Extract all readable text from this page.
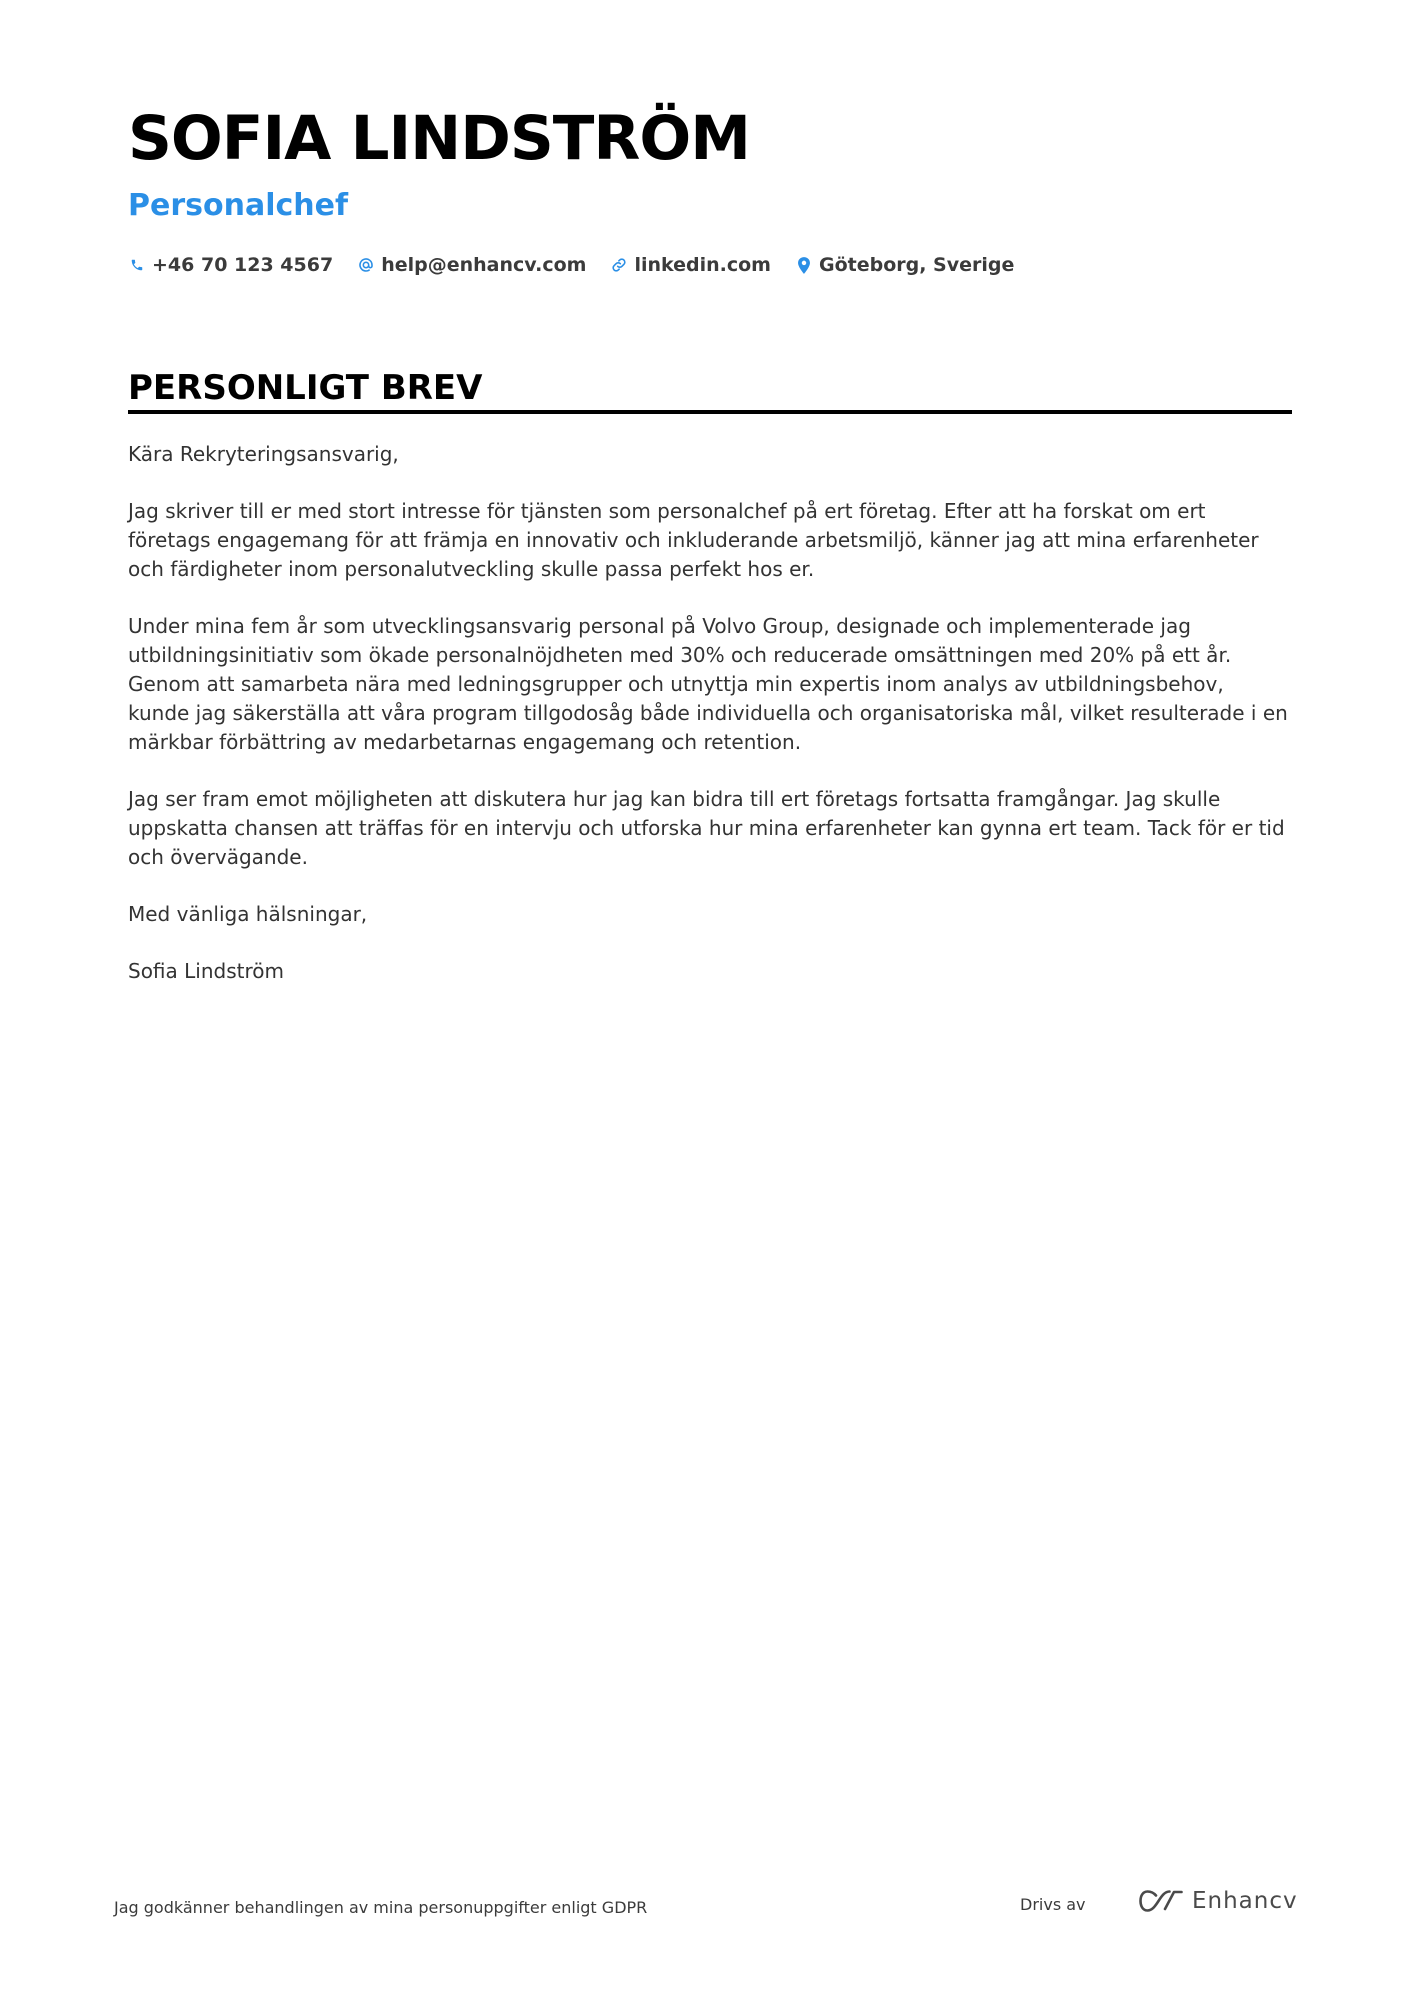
SOFIA LINDSTRÖM
Personalchef
+46 70 123 4567	help@enhancv.com	linkedin.com	Göteborg, Sverige
PERSONLIGT BREV

Kära Rekryteringsansvarig,

Jag skriver till er med stort intresse för tjänsten som personalchef på ert företag. Efter att ha forskat om ert företags engagemang för att främja en innovativ och inkluderande arbetsmiljö, känner jag att mina erfarenheter och färdigheter inom personalutveckling skulle passa perfekt hos er.

Under mina fem år som utvecklingsansvarig personal på Volvo Group, designade och implementerade jag utbildningsinitiativ som ökade personalnöjdheten med 30% och reducerade omsättningen med 20% på ett år. Genom att samarbeta nära med ledningsgrupper och utnyttja min expertis inom analys av utbildningsbehov, kunde jag säkerställa att våra program tillgodosåg både individuella och organisatoriska mål, vilket resulterade i en märkbar förbättring av medarbetarnas engagemang och retention.

Jag ser fram emot möjligheten att diskutera hur jag kan bidra till ert företags fortsatta framgångar. Jag skulle uppskatta chansen att träffas för en intervju och utforska hur mina erfarenheter kan gynna ert team. Tack för er tid och övervägande.

Med vänliga hälsningar,

Sofia Lindström

Jag godkänner behandlingen av mina personuppgifter enligt GDPR	Drivs av	Enhancv
